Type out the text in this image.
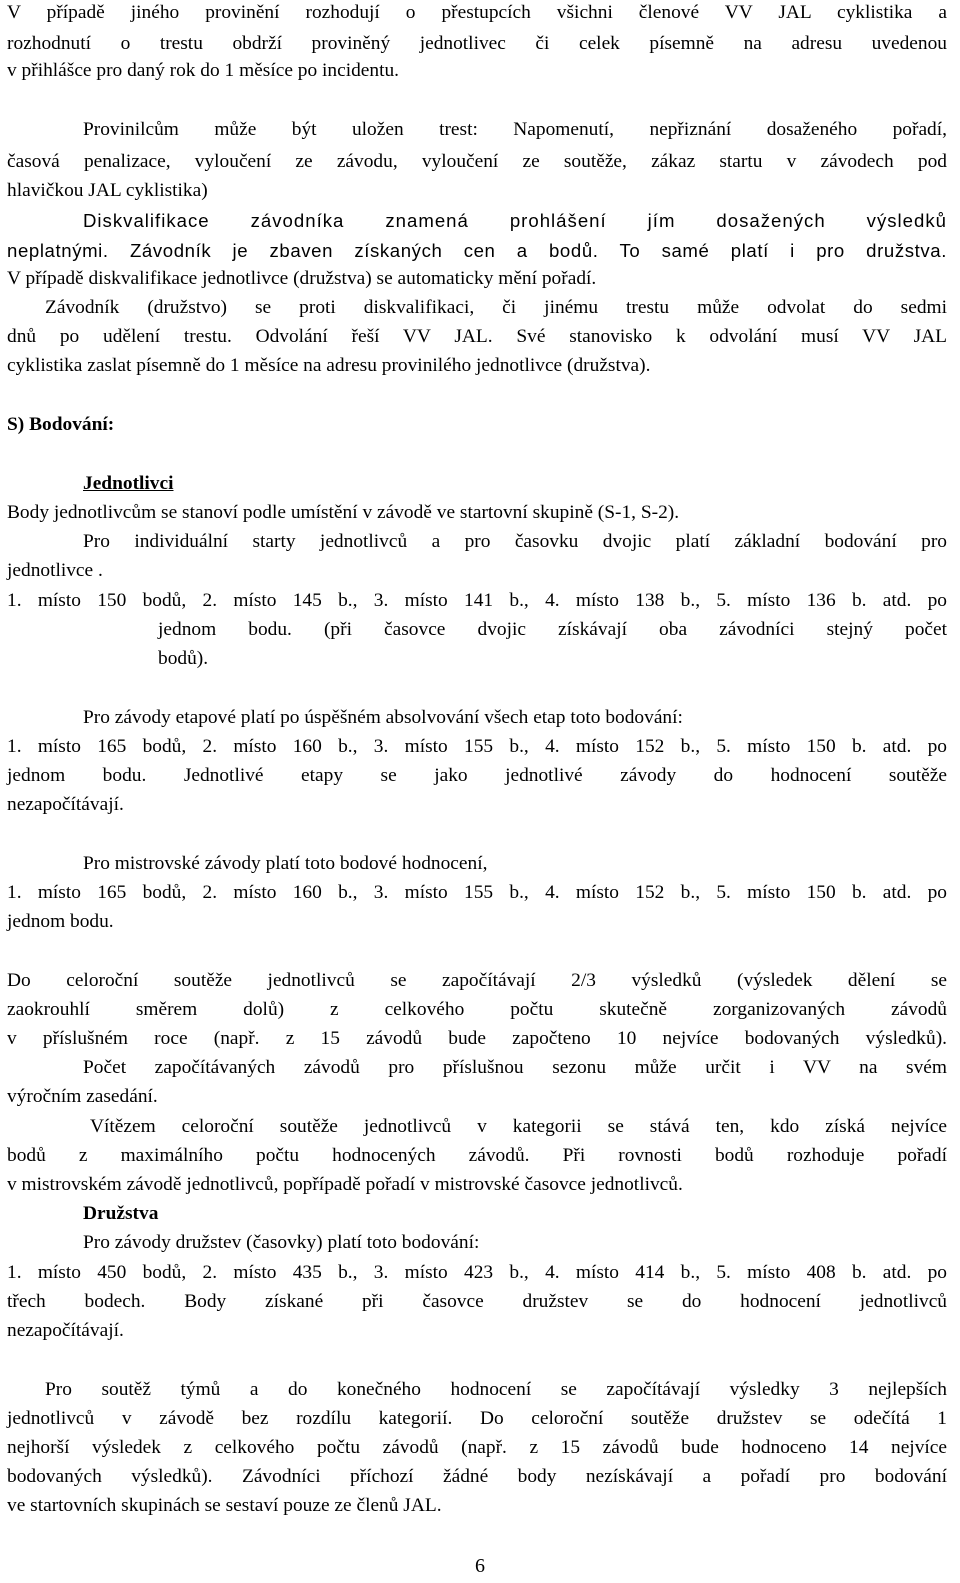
V případě jiného provinění rozhodují o přestupcích všichni členové VV JAL cyklistika a
rozhodnutí o trestu obdrží proviněný jednotlivec či celek písemně na adresu uvedenou
v přihlášce pro daný rok do 1 měsíce po incidentu.
Provinilcům může být uložen trest: Napomenutí, nepřiznání dosaženého pořadí,
časová penalizace, vyloučení ze závodu, vyloučení ze soutěže, zákaz startu v závodech pod
hlavičkou JAL cyklistika)
Diskvalifikace závodníka znamená prohlášení jím dosažených výsledků
neplatnými. Závodník je zbaven získaných cen a bodů. To samé platí i pro družstva.
V případě diskvalifikace jednotlivce (družstva) se automaticky mění pořadí.
Závodník (družstvo) se proti diskvalifikaci, či jinému trestu může odvolat do sedmi
dnů po udělení trestu. Odvolání řeší VV JAL. Své stanovisko k odvolání musí VV JAL
cyklistika zaslat písemně do 1 měsíce na adresu provinilého jednotlivce (družstva).
S) Bodování:
Jednotlivci
Body jednotlivcům se stanoví podle umístění v závodě ve startovní skupině (S-1, S-2).
Pro individuální starty jednotlivců a pro časovku dvojic platí základní bodování pro
jednotlivce .
1. místo 150 bodů, 2. místo 145 b., 3. místo 141 b., 4. místo 138 b., 5. místo 136 b. atd. po
jednom bodu. (při časovce dvojic získávají oba závodníci stejný počet
bodů).
Pro závody etapové platí po úspěšném absolvování všech etap toto bodování:
1. místo 165 bodů, 2. místo 160 b., 3. místo 155 b., 4. místo 152 b., 5. místo 150 b. atd. po
jednom bodu. Jednotlivé etapy se jako jednotlivé závody do hodnocení soutěže
nezapočítávají.
Pro mistrovské závody platí toto bodové hodnocení,
1. místo 165 bodů, 2. místo 160 b., 3. místo 155 b., 4. místo 152 b., 5. místo 150 b. atd. po
jednom bodu.
Do celoroční soutěže jednotlivců se započítávají 2/3 výsledků (výsledek dělení se
zaokrouhlí směrem dolů) z celkového počtu skutečně zorganizovaných závodů
v příslušném roce (např. z 15 závodů bude započteno 10 nejvíce bodovaných výsledků).
Počet započítávaných závodů pro příslušnou sezonu může určit i VV na svém
výročním zasedání.
Vítězem celoroční soutěže jednotlivců v kategorii se stává ten, kdo získá nejvíce
bodů z maximálního počtu hodnocených závodů. Při rovnosti bodů rozhoduje pořadí
v mistrovském závodě jednotlivců, popřípadě pořadí v mistrovské časovce jednotlivců.
Družstva
Pro závody družstev (časovky) platí toto bodování:
1. místo 450 bodů, 2. místo 435 b., 3. místo 423 b., 4. místo 414 b., 5. místo 408 b. atd. po
třech bodech. Body získané při časovce družstev se do hodnocení jednotlivců
nezapočítávají.
Pro soutěž týmů a do konečného hodnocení se započítávají výsledky 3 nejlepších
jednotlivců v závodě bez rozdílu kategorií. Do celoroční soutěže družstev se odečítá 1
nejhorší výsledek z celkového počtu závodů (např. z 15 závodů bude hodnoceno 14 nejvíce
bodovaných výsledků). Závodníci příchozí žádné body nezískávají a pořadí pro bodování
ve startovních skupinách se sestaví pouze ze členů JAL.
6
